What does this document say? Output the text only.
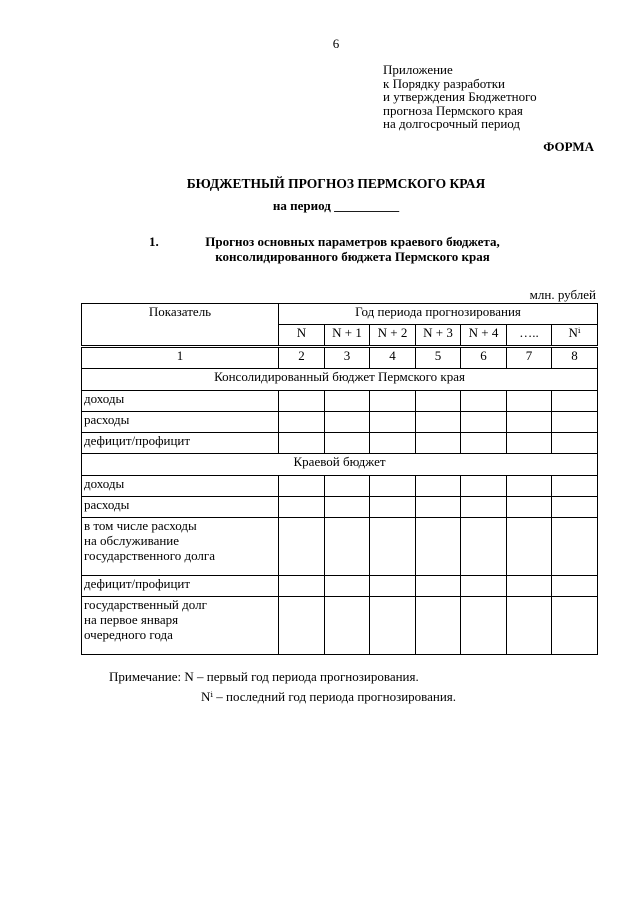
6
Приложение
к Порядку разработки
и утверждения Бюджетного
прогноза Пермского края
на долгосрочный период
ФОРМА
БЮДЖЕТНЫЙ ПРОГНОЗ ПЕРМСКОГО КРАЯ
на период __________
1.	Прогноз основных параметров краевого бюджета,
консолидированного бюджета Пермского края
млн. рублей
Показатель	Год периода прогнозирования						
	N	N + 1	N + 2	N + 3	N + 4	…..	Nⁱ
1	2	3	4	5	6	7	8
Консолидированный бюджет Пермского края							

доходы							

расходы							

дефицит/профицит							

Краевой бюджет							

доходы							

расходы							

в том числе расходы
на обслуживание
государственного долга							

дефицит/профицит							

государственный долг
на первое января
очередного года							

Примечание: N – первый год периода прогнозирования.
Nⁱ – последний год периода прогнозирования.
